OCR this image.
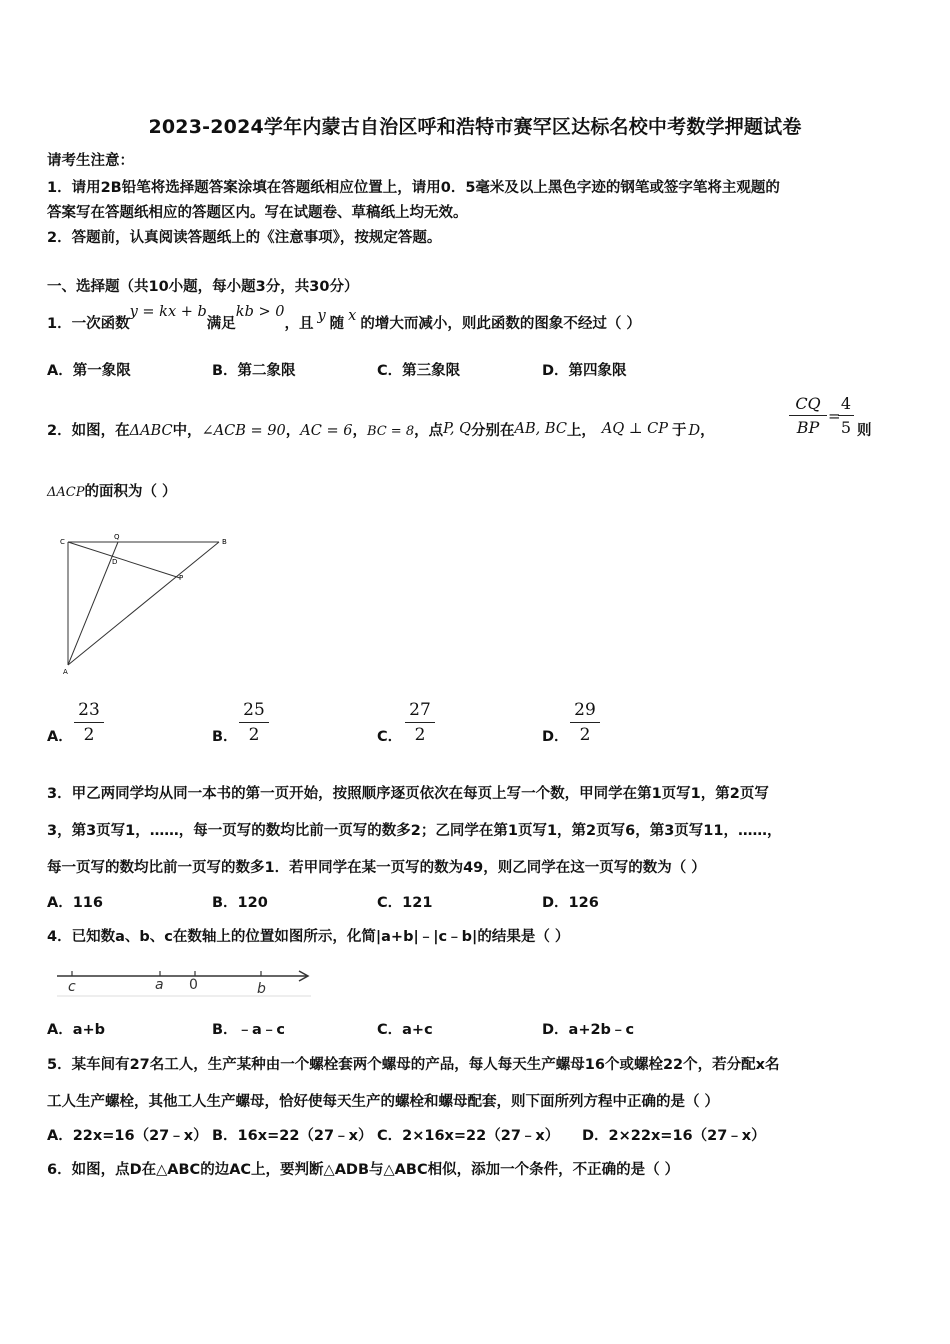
2023-2024学年内蒙古自治区呼和浩特市赛罕区达标名校中考数学押题试卷
请考生注意：
1．请用2B铅笔将选择题答案涂填在答题纸相应位置上，请用0．5毫米及以上黑色字迹的钢笔或签字笔将主观题的
答案写在答题纸相应的答题区内。写在试题卷、草稿纸上均无效。
2．答题前，认真阅读答题纸上的《注意事项》，按规定答题。
一、选择题（共10小题，每小题3分，共30分）
1．一次函数y = kx + b满足kb > 0，且 y 随 x 的增大而减小，则此函数的图象不经过（ ）
A．第一象限	B．第二象限	C．第三象限	D．第四象限
2．如图，在ΔABC中，∠ACB = 90，AC = 6，BC = 8，点P, Q分别在AB, BC上， AQ ⊥ CP 于 D，
CQ
BP
=
4
5 则
ΔACP的面积为（ ）
C
Q
B
D
P
A
A．
23
2	B．
25
2	C．
27
2	D．
29
2
3．甲乙两同学均从同一本书的第一页开始，按照顺序逐页依次在每页上写一个数，甲同学在第1页写1，第2页写
3，第3页写1，……，每一页写的数均比前一页写的数多2；乙同学在第1页写1，第2页写6，第3页写11，……，
每一页写的数均比前一页写的数多1．若甲同学在某一页写的数为49，则乙同学在这一页写的数为（ ）
A．116	B．120	C．121	D．126
4．已知数a、b、c在数轴上的位置如图所示，化简|a+b|﹣|c﹣b|的结果是（ ）
c	a 0	b
A．a+b	B．﹣a﹣c	C．a+c	D．a+2b﹣c
5．某车间有27名工人，生产某种由一个螺栓套两个螺母的产品，每人每天生产螺母16个或螺栓22个，若分配x名
工人生产螺栓，其他工人生产螺母，恰好使每天生产的螺栓和螺母配套，则下面所列方程中正确的是（ ）
A．22x=16（27﹣x） B．16x=22（27﹣x） C．2×16x=22（27﹣x） D．2×22x=16（27﹣x）
6．如图，点D在△ABC的边AC上，要判断△ADB与△ABC相似，添加一个条件，不正确的是（ ）
